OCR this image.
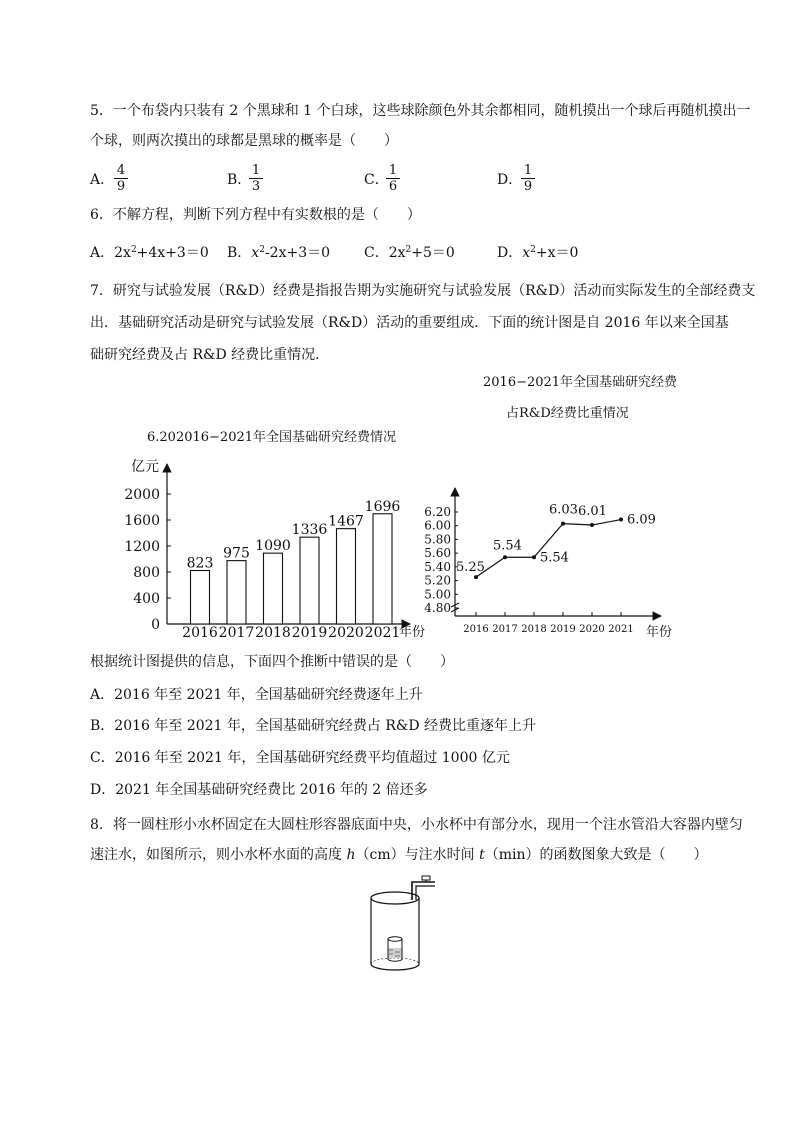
5．一个布袋内只装有 2 个黑球和 1 个白球，这些球除颜色外其余都相同，随机摸出一个球后再随机摸出一
个球，则两次摸出的球都是黑球的概率是（　　）
A． $\frac{4}{9}$	B．
$\frac{1}{3}$	C．
$\frac{1}{6}$	D．
$\frac{1}{9}$
6．不解方程，判断下列方程中有实数根的是（　　）
A．$2x^2+4x+3=0$ B．$x^2-2x+3=0$ C．$2x^2+5=0$	D．$x^2+x=0$
7．研究与试验发展（R&D）经费是指报告期为实施研究与试验发展（R&D）活动而实际发生的全部经费支
出．基础研究活动是研究与试验发展（R&D）活动的重要组成．下面的统计图是自 2016 年以来全国基
础研究经费及占 R&D 经费比重情况．
2016−2021年全国基础研究经费
占R&D经费比重情况
6.202016−2021年全国基础研究经费情况
亿元
年份
0
400
800
1200
1600
2000
823
2016
975
2017
1090
2018
1336
2019
1467
2020
1696
2021	年份
4.80
5.00
5.20
5.40
5.60
5.80
6.00
6.20
2016 2017 2018 2019 2020 2021
5.25
5.54
5.54
6.03 6.01
6.09
根据统计图提供的信息，下面四个推断中错误的是（　　）
A．2016 年至 2021 年，全国基础研究经费逐年上升
B．2016 年至 2021 年，全国基础研究经费占 R&D 经费比重逐年上升
C．2016 年至 2021 年，全国基础研究经费平均值超过 1000 亿元
D．2021 年全国基础研究经费比 2016 年的 2 倍还多
8．将一圆柱形小水杯固定在大圆柱形容器底面中央，小水杯中有部分水，现用一个注水管沿大容器内壁匀
速注水，如图所示，则小水杯水面的高度 h（cm）与注水时间 t（min）的函数图象大致是（　　）
